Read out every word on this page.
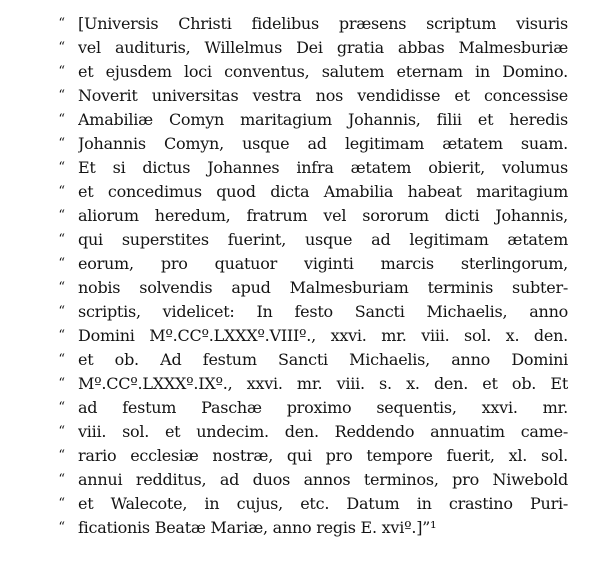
“ [Universis Christi fidelibus præsens scriptum visuris
“ vel audituris, Willelmus Dei gratia abbas Malmesburiæ
“ et ejusdem loci conventus, salutem eternam in Domino.
“ Noverit universitas vestra nos vendidisse et concessise
“ Amabiliæ Comyn maritagium Johannis, filii et heredis
“ Johannis Comyn, usque ad legitimam ætatem suam.
“ Et si dictus Johannes infra ætatem obierit, volumus
“ et concedimus quod dicta Amabilia habeat maritagium
“ aliorum heredum, fratrum vel sororum dicti Johannis,
“ qui superstites fuerint, usque ad legitimam ætatem
“ eorum, pro quatuor viginti marcis sterlingorum,
“ nobis solvendis apud Malmesburiam terminis subter-
“ scriptis, videlicet: In festo Sancti Michaelis, anno
“ Domini Mº.CCº.LXXXº.VIIIº., xxvi. mr. viii. sol. x. den.
“ et ob. Ad festum Sancti Michaelis, anno Domini
“ Mº.CCº.LXXXº.IXº., xxvi. mr. viii. s. x. den. et ob. Et
“ ad festum Paschæ proximo sequentis, xxvi. mr.
“ viii. sol. et undecim. den. Reddendo annuatim came-
“ rario ecclesiæ nostræ, qui pro tempore fuerit, xl. sol.
“ annui redditus, ad duos annos terminos, pro Niwebold
“ et Walecote, in cujus, etc. Datum in crastino Puri-
“ ficationis Beatæ Mariæ, anno regis E. xviº.]”¹
